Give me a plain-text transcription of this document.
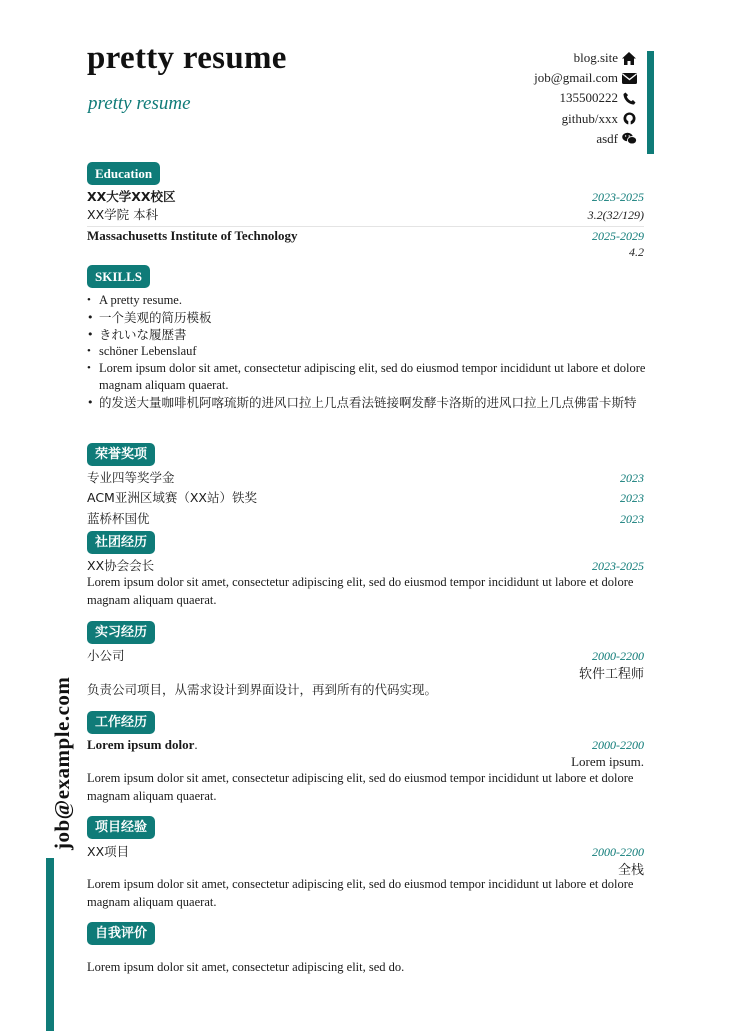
pretty resume
pretty resume
blog.site
job@gmail.com
135500222
github/xxx
asdf
job@example.com
Education
XX大学XX校区	2023-2025
XX学院 本科	3.2(32/129)
Massachusetts Institute of Technology	2025-2029
4.2
SKILLS
• A pretty resume.
• 一个美观的简历模板
• きれいな履歴書
• schöner Lebenslauf
• Lorem ipsum dolor sit amet, consectetur adipiscing elit, sed do eiusmod tempor incididunt ut labore et dolore magnam aliquam quaerat.
• 的发送大量咖啡机阿喀琉斯的进风口拉上几点看法链接啊发酵卡洛斯的进风口拉上几点佛雷卡斯特
荣誉奖项
专业四等奖学金	2023
ACM亚洲区域赛（XX站）铁奖	2023
蓝桥杯国优	2023
社团经历
XX协会会长	2023-2025
Lorem ipsum dolor sit amet, consectetur adipiscing elit, sed do eiusmod tempor incididunt ut labore et dolore magnam aliquam quaerat.
实习经历
小公司	2000-2200
软件工程师
负责公司项目，从需求设计到界面设计，再到所有的代码实现。
工作经历
Lorem ipsum dolor.	2000-2200
Lorem ipsum.
Lorem ipsum dolor sit amet, consectetur adipiscing elit, sed do eiusmod tempor incididunt ut labore et dolore magnam aliquam quaerat.
项目经验
XX项目	2000-2200
全栈
Lorem ipsum dolor sit amet, consectetur adipiscing elit, sed do eiusmod tempor incididunt ut labore et dolore magnam aliquam quaerat.
自我评价
Lorem ipsum dolor sit amet, consectetur adipiscing elit, sed do.
